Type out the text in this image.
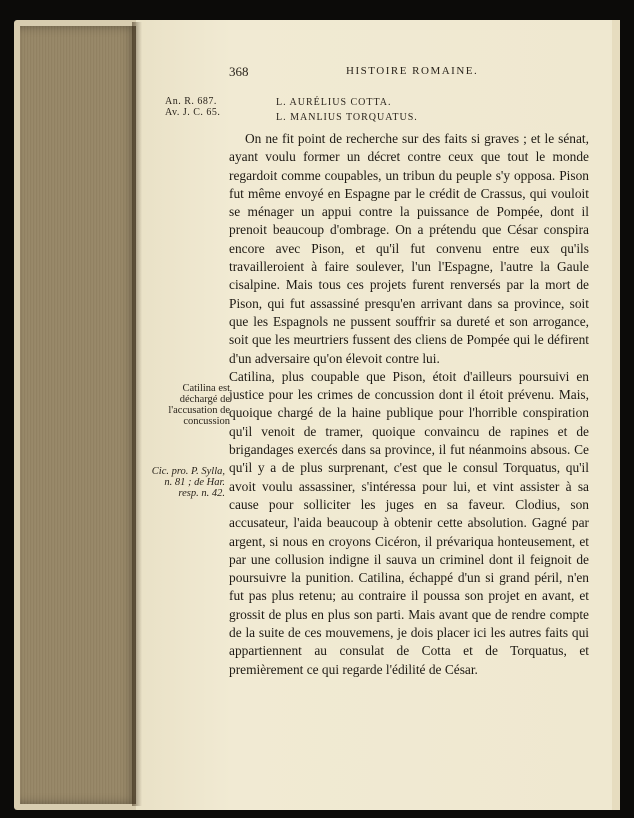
368	HISTOIRE ROMAINE.
An. R. 687.
Av. J. C. 65.
L. AURÉLIUS COTTA.
L. MANLIUS TORQUATUS.

On ne fit point de recherche sur des faits si graves ; et le sénat, ayant voulu former un décret contre ceux que tout le monde regardoit comme coupables, un tribun du peuple s'y opposa. Pison fut même envoyé en Espagne par le crédit de Crassus, qui vouloit se ménager un appui contre la puissance de Pompée, dont il prenoit beaucoup d'ombrage. On a prétendu que César conspira encore avec Pison, et qu'il fut convenu entre eux qu'ils travailleroient à faire soulever, l'un l'Espagne, l'autre la Gaule cisalpine. Mais tous ces projets furent renversés par la mort de Pison, qui fut assassiné presqu'en arrivant dans sa province, soit que les Espagnols ne pussent souffrir sa dureté et son arrogance, soit que les meurtriers fussent des cliens de Pompée qui le défirent d'un adversaire qu'on élevoit contre lui.

Catilina, plus coupable que Pison, étoit d'ailleurs poursuivi en justice pour les crimes de concussion dont il étoit prévenu. Mais, quoique chargé de la haine publique pour l'horrible conspiration qu'il venoit de tramer, quoique convaincu de rapines et de brigandages exercés dans sa province, il fut néanmoins absous. Ce qu'il y a de plus surprenant, c'est que le consul Torquatus, qu'il avoit voulu assassiner, s'intéressa pour lui, et vint assister à sa cause pour solliciter les juges en sa faveur. Clodius, son accusateur, l'aida beaucoup à obtenir cette absolution. Gagné par argent, si nous en croyons Cicéron, il prévariqua honteusement, et par une collusion indigne il sauva un criminel dont il feignoit de poursuivre la punition. Catilina, échappé d'un si grand péril, n'en fut pas plus retenu; au contraire il poussa son projet en avant, et grossit de plus en plus son parti. Mais avant que de rendre compte de la suite de ces mouvemens, je dois placer ici les autres faits qui appartiennent au consulat de Cotta et de Torquatus, et premièrement ce qui regarde l'édilité de César.

Catilina est déchargé de l'accusation de concussion
Cic. pro. P. Sylla, n. 81 ; de Har. resp. n. 42.
